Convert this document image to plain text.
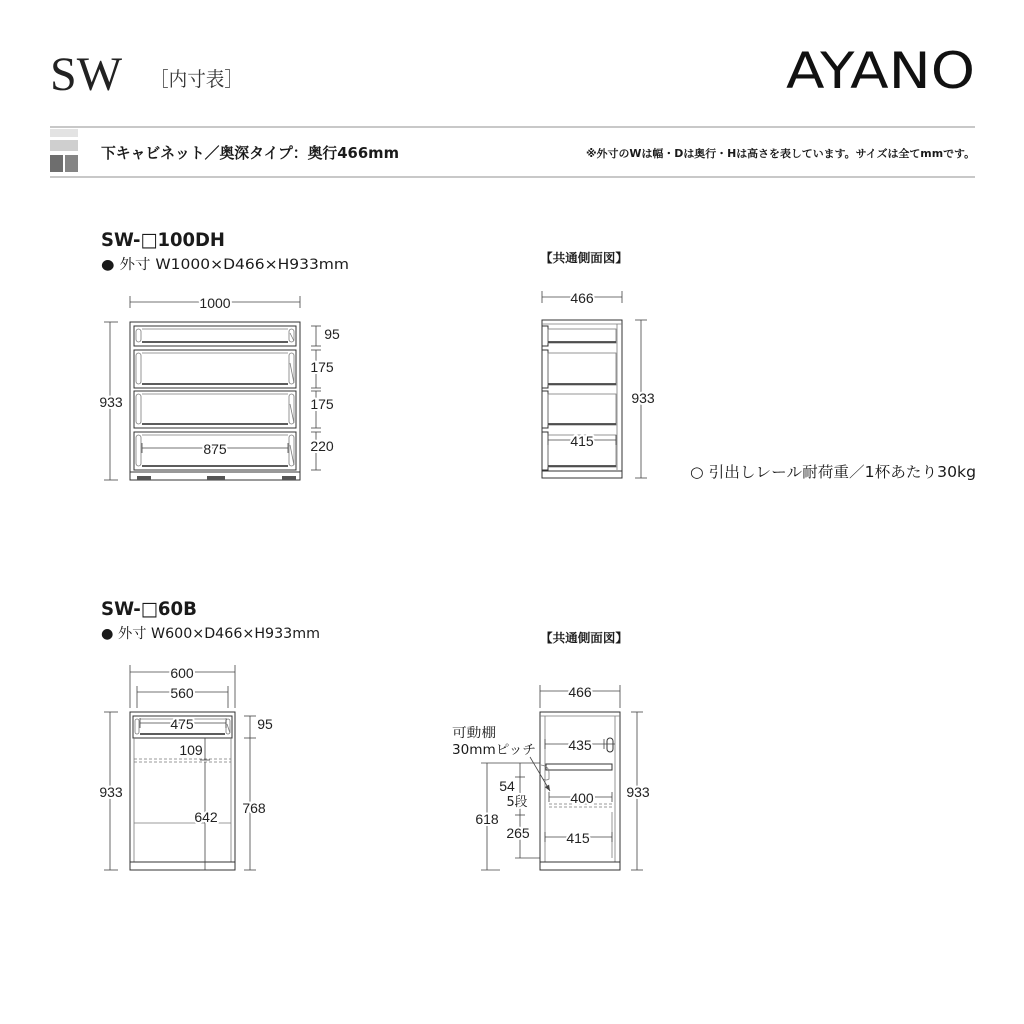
SW ［内寸表］	AYANO
下キャビネット／奥深タイプ：奥行466mm	※外寸のWは幅・Dは奥行・Hは高さを表しています。サイズは全てmmです。
SW-□100DH
● 外寸 W1000×D466×H933mm
1000
933
95
175
175
220
875
【共通側面図】
466
933
415
○ 引出しレール耐荷重／1杯あたり30kg
SW-□60B
● 外寸 W600×D466×H933mm
600
560
933
475	95
768
109
642
【共通側面図】
466
933
435
400
415
可動棚
30mmピッチ
618
54
5段
265
